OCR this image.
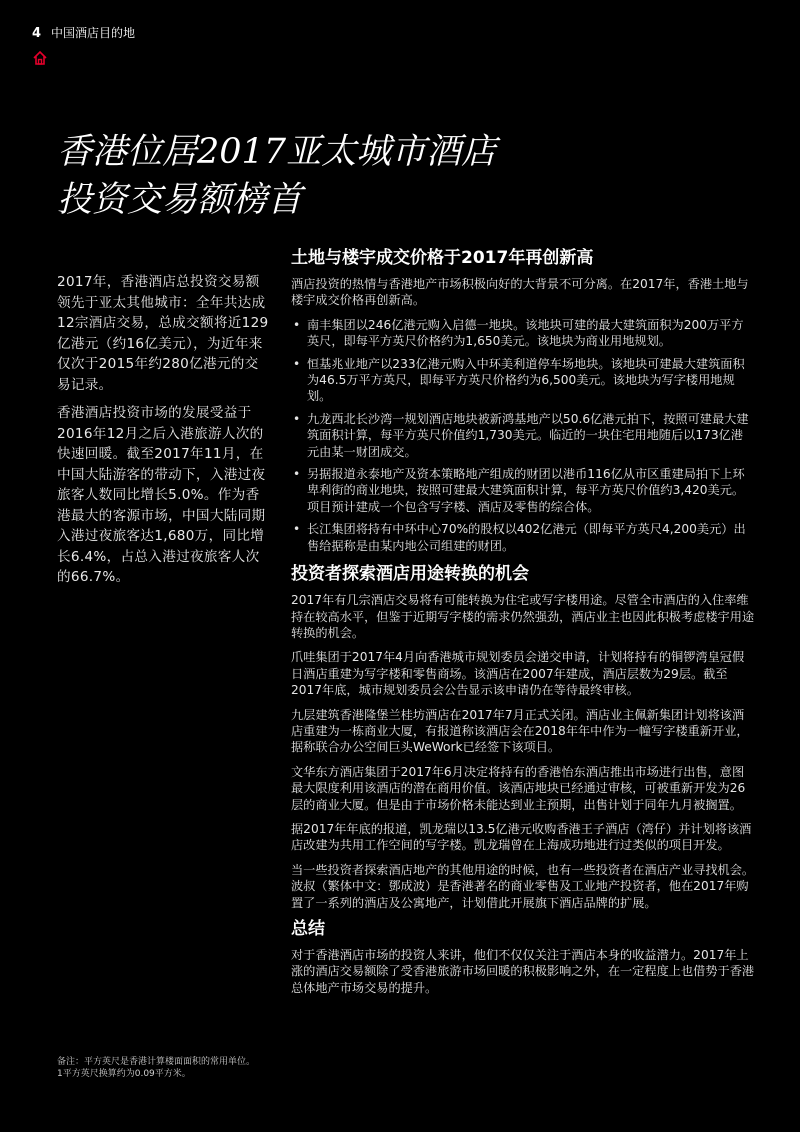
4 中国酒店目的地
香港位居2017亚太城市酒店
投资交易额榜首

2017年，香港酒店总投资交易额领先于亚太其他城市：全年共达成12宗酒店交易，总成交额将近129亿港元（约16亿美元），为近年来仅次于2015年约280亿港元的交易记录。

香港酒店投资市场的发展受益于2016年12月之后入港旅游人次的快速回暖。截至2017年11月，在中国大陆游客的带动下，入港过夜旅客人数同比增长5.0%。作为香港最大的客源市场，中国大陆同期入港过夜旅客达1,680万，同比增长6.4%，占总入港过夜旅客人次的66.7%。

土地与楼宇成交价格于2017年再创新高

酒店投资的热情与香港地产市场积极向好的大背景不可分离。在2017年，香港土地与楼宇成交价格再创新高。

• 南丰集团以246亿港元购入启德一地块。该地块可建的最大建筑面积为200万平方英尺，即每平方英尺价格约为1,650美元。该地块为商业用地规划。
• 恒基兆业地产以233亿港元购入中环美利道停车场地块。该地块可建最大建筑面积为46.5万平方英尺，即每平方英尺价格约为6,500美元。该地块为写字楼用地规划。
• 九龙西北长沙湾一规划酒店地块被新鸿基地产以50.6亿港元拍下，按照可建最大建筑面积计算，每平方英尺价值约1,730美元。临近的一块住宅用地随后以173亿港元由某一财团成交。
• 另据报道永泰地产及资本策略地产组成的财团以港币116亿从市区重建局拍下上环卑利街的商业地块，按照可建最大建筑面积计算，每平方英尺价值约3,420美元。项目预计建成一个包含写字楼、酒店及零售的综合体。
• 长江集团将持有中环中心70%的股权以402亿港元（即每平方英尺4,200美元）出售给据称是由某内地公司组建的财团。
投资者探索酒店用途转换的机会

2017年有几宗酒店交易将有可能转换为住宅或写字楼用途。尽管全市酒店的入住率维持在较高水平，但鉴于近期写字楼的需求仍然强劲，酒店业主也因此积极考虑楼宇用途转换的机会。

爪哇集团于2017年4月向香港城市规划委员会递交申请，计划将持有的铜锣湾皇冠假日酒店重建为写字楼和零售商场。该酒店在2007年建成，酒店层数为29层。截至2017年底，城市规划委员会公告显示该申请仍在等待最终审核。

九层建筑香港隆堡兰桂坊酒店在2017年7月正式关闭。酒店业主佩新集团计划将该酒店重建为一栋商业大厦，有报道称该酒店会在2018年年中作为一幢写字楼重新开业，据称联合办公空间巨头WeWork已经签下该项目。

文华东方酒店集团于2017年6月决定将持有的香港怡东酒店推出市场进行出售，意图最大限度利用该酒店的潜在商用价值。该酒店地块已经通过审核，可被重新开发为26层的商业大厦。但是由于市场价格未能达到业主预期，出售计划于同年九月被搁置。

据2017年年底的报道，凯龙瑞以13.5亿港元收购香港王子酒店（湾仔）并计划将该酒店改建为共用工作空间的写字楼。凯龙瑞曾在上海成功地进行过类似的项目开发。

当一些投资者探索酒店地产的其他用途的时候，也有一些投资者在酒店产业寻找机会。波叔（繁体中文：鄧成波）是香港著名的商业零售及工业地产投资者，他在2017年购置了一系列的酒店及公寓地产，计划借此开展旗下酒店品牌的扩展。

总结

对于香港酒店市场的投资人来讲，他们不仅仅关注于酒店本身的收益潜力。2017年上涨的酒店交易额除了受香港旅游市场回暖的积极影响之外，在一定程度上也借势于香港总体地产市场交易的提升。

备注：平方英尺是香港计算楼面面积的常用单位。

1平方英尺换算约为0.09平方米。
